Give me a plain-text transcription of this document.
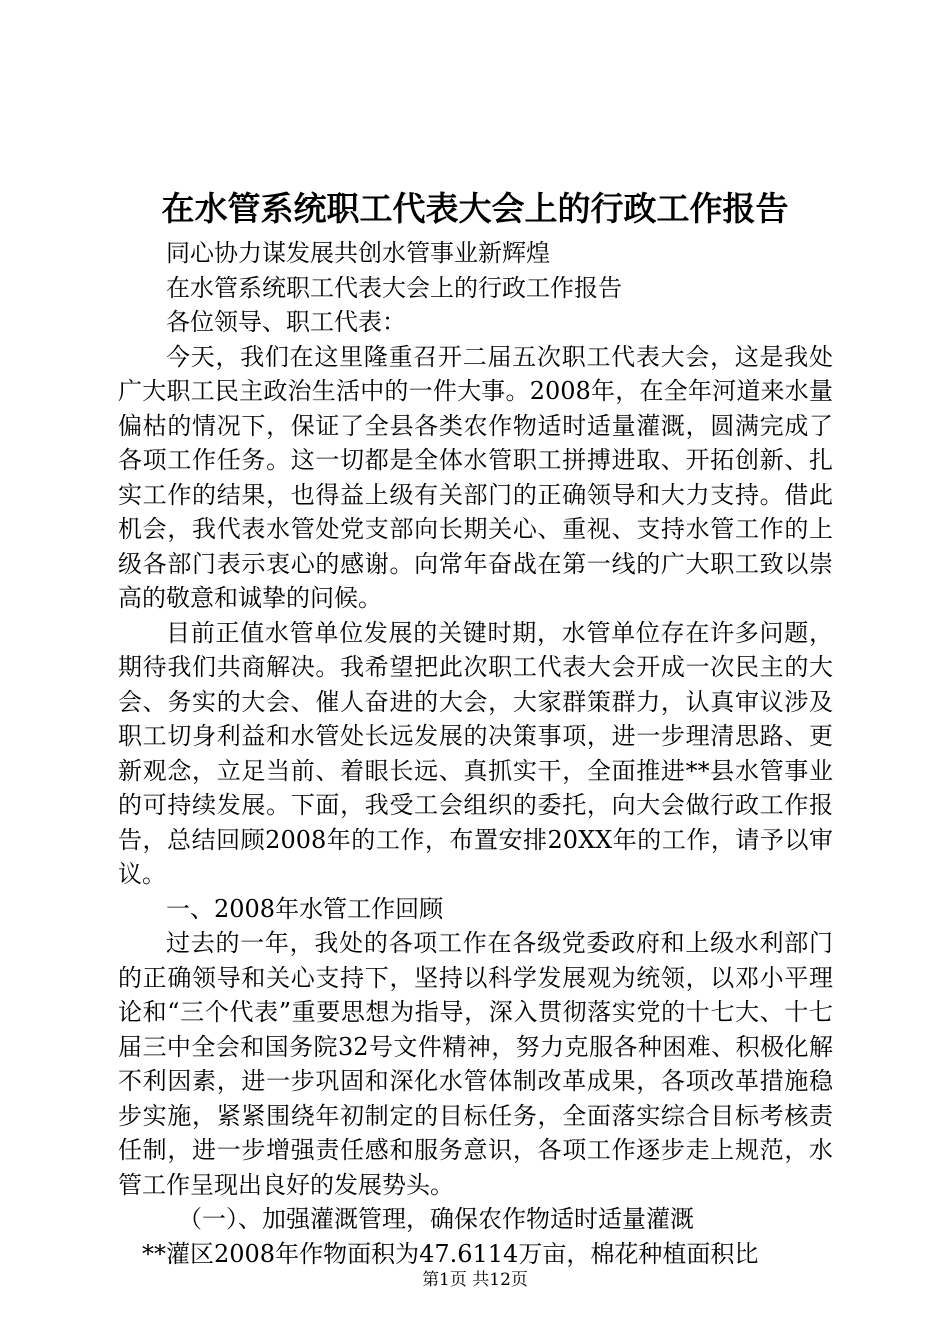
在水管系统职工代表大会上的行政工作报告

同心协力谋发展共创水管事业新辉煌

在水管系统职工代表大会上的行政工作报告

各位领导、职工代表：

今天，我们在这里隆重召开二届五次职工代表大会，这是我处广大职工民主政治生活中的一件大事。2008年，在全年河道来水量偏枯的情况下，保证了全县各类农作物适时适量灌溉，圆满完成了各项工作任务。这一切都是全体水管职工拼搏进取、开拓创新、扎实工作的结果，也得益上级有关部门的正确领导和大力支持。借此机会，我代表水管处党支部向长期关心、重视、支持水管工作的上级各部门表示衷心的感谢。向常年奋战在第一线的广大职工致以崇高的敬意和诚挚的问候。

目前正值水管单位发展的关键时期，水管单位存在许多问题，期待我们共商解决。我希望把此次职工代表大会开成一次民主的大会、务实的大会、催人奋进的大会，大家群策群力，认真审议涉及职工切身利益和水管处长远发展的决策事项，进一步理清思路、更新观念，立足当前、着眼长远、真抓实干，全面推进**县水管事业的可持续发展。下面，我受工会组织的委托，向大会做行政工作报告，总结回顾2008年的工作，布置安排20XX年的工作，请予以审议。

一、2008年水管工作回顾

过去的一年，我处的各项工作在各级党委政府和上级水利部门的正确领导和关心支持下，坚持以科学发展观为统领，以邓小平理论和“三个代表”重要思想为指导，深入贯彻落实党的十七大、十七届三中全会和国务院32号文件精神，努力克服各种困难、积极化解不利因素，进一步巩固和深化水管体制改革成果，各项改革措施稳步实施，紧紧围绕年初制定的目标任务，全面落实综合目标考核责任制，进一步增强责任感和服务意识，各项工作逐步走上规范，水管工作呈现出良好的发展势头。

（一）、加强灌溉管理，确保农作物适时适量灌溉

**灌区2008年作物面积为47.6114万亩，棉花种植面积比

第1页 共12页
